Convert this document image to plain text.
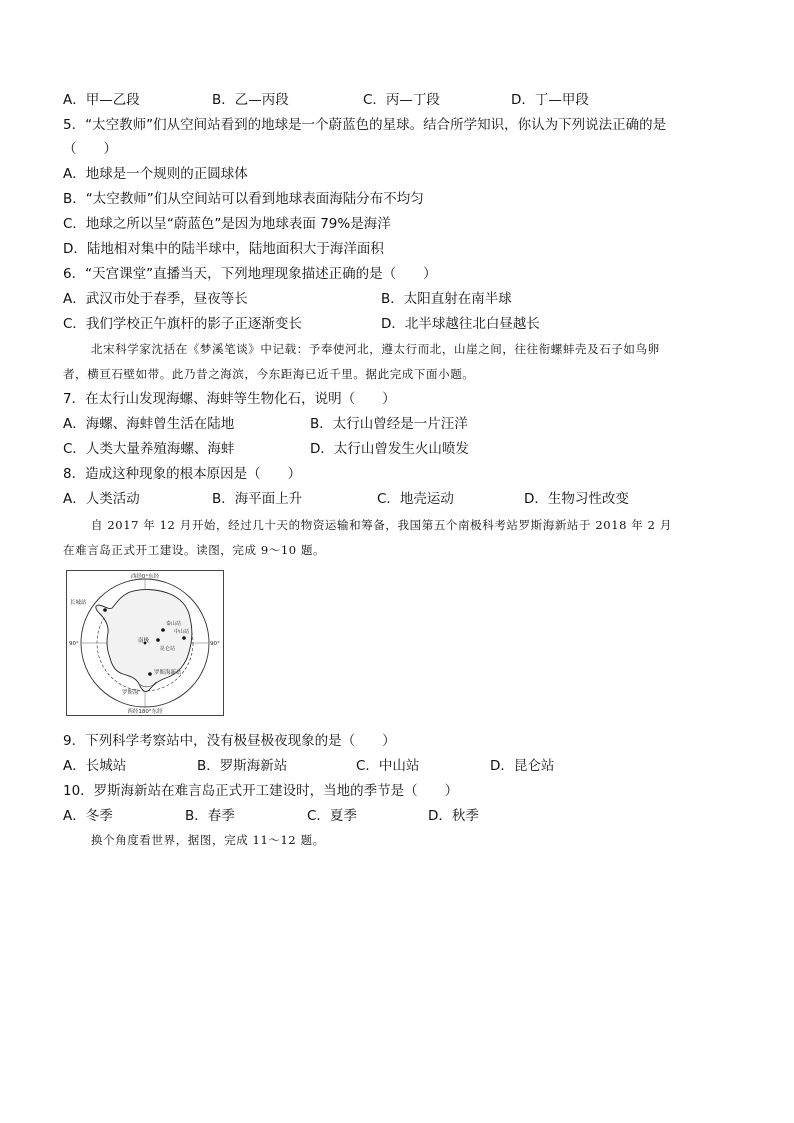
A．甲—乙段	B．乙—丙段	C．丙—丁段	D．丁—甲段
5．“太空教师”们从空间站看到的地球是一个蔚蓝色的星球。结合所学知识，你认为下列说法正确的是
（　　）
A．地球是一个规则的正圆球体
B．“太空教师”们从空间站可以看到地球表面海陆分布不均匀
C．地球之所以呈“蔚蓝色”是因为地球表面 79%是海洋
D．陆地相对集中的陆半球中，陆地面积大于海洋面积
6．“天宫课堂”直播当天，下列地理现象描述正确的是（　　）
A．武汉市处于春季，昼夜等长	B．太阳直射在南半球
C．我们学校正午旗杆的影子正逐渐变长	D．北半球越往北白昼越长
北宋科学家沈括在《梦溪笔谈》中记载：予奉使河北，遵太行而北，山崖之间，往往衔螺蚌壳及石子如鸟卵
者，横亘石壁如带。此乃昔之海滨，今东距海已近千里。据此完成下面小题。
7．在太行山发现海螺、海蚌等生物化石，说明（　　）
A．海螺、海蚌曾生活在陆地	B．太行山曾经是一片汪洋
C．人类大量养殖海螺、海蚌	D．太行山曾发生火山喷发
8．造成这种现象的根本原因是（　　）
A．人类活动	B．海平面上升	C．地壳运动	D．生物习性改变
自 2017 年 12 月开始，经过几十天的物资运输和筹备，我国第五个南极科考站罗斯海新站于 2018 年 2 月
在难言岛正式开工建设。读图，完成 9～10 题。
西经0°东经
西经180°东经
90°	90°
长城站
泰山站
昆仑站
中山站
南极
罗斯海新站
罗斯海
9．下列科学考察站中，没有极昼极夜现象的是（　　）
A．长城站	B．罗斯海新站	C．中山站	D．昆仑站
10．罗斯海新站在难言岛正式开工建设时，当地的季节是（　　）
A．冬季	B．春季	C．夏季	D．秋季
换个角度看世界，据图，完成 11～12 题。
